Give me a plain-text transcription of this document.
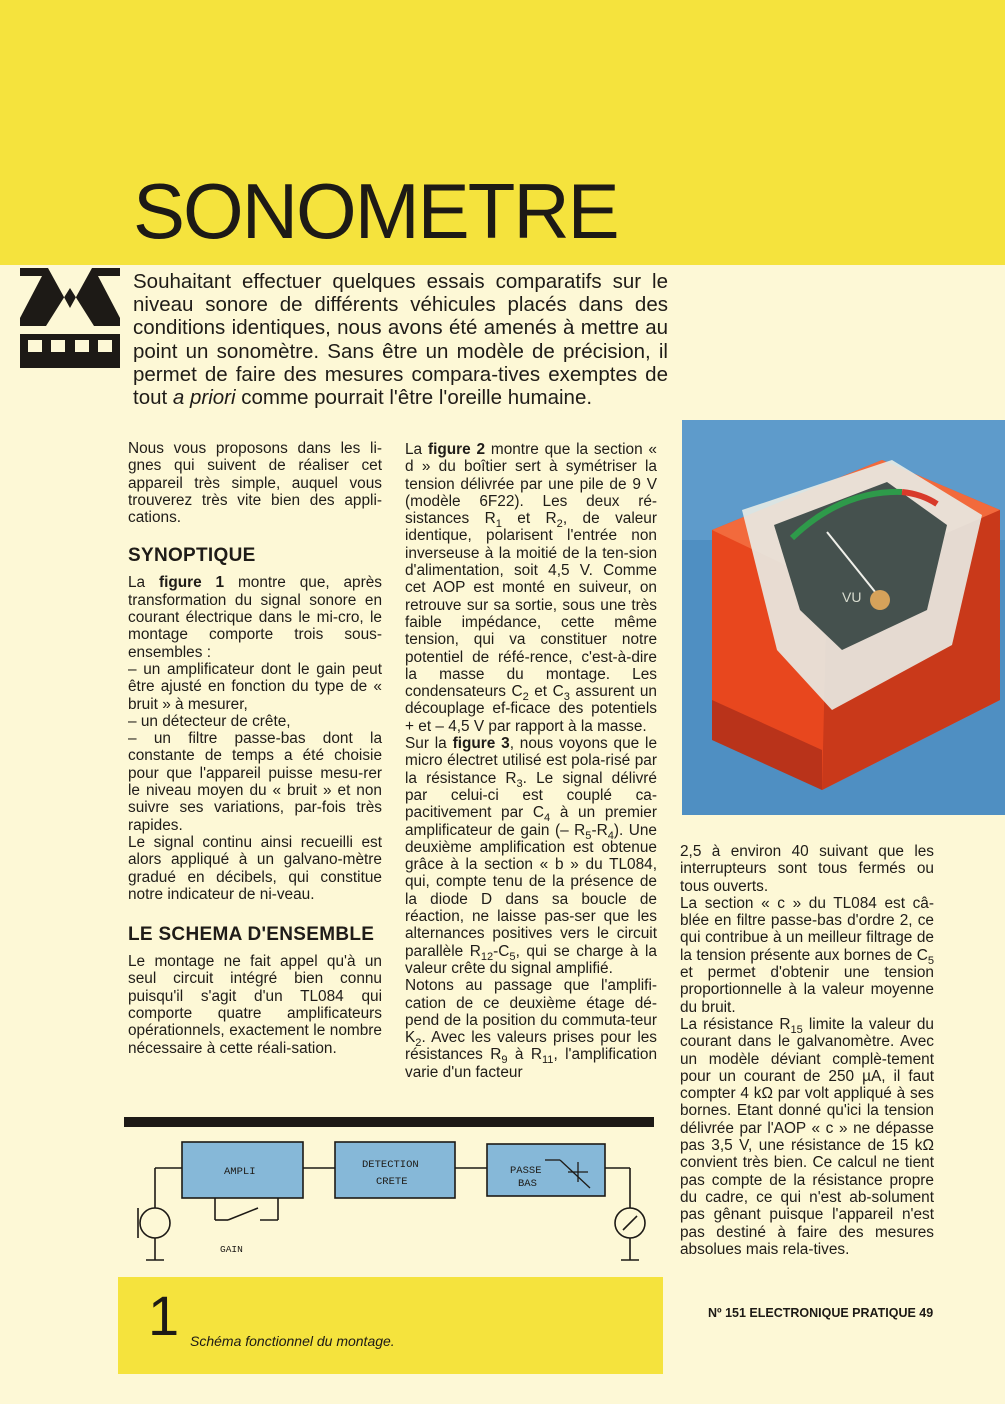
SONOMETRE

Souhaitant effectuer quelques essais comparatifs sur le niveau sonore de différents véhicules placés dans des conditions identiques, nous avons été amenés à mettre au point un sonomètre. Sans être un modèle de précision, il permet de faire des mesures compara-tives exemptes de tout a priori comme pourrait l'être l'oreille humaine.

Nous vous proposons dans les li-gnes qui suivent de réaliser cet appareil très simple, auquel vous trouverez très vite bien des appli-cations.

SYNOPTIQUE

La figure 1 montre que, après transformation du signal sonore en courant électrique dans le mi-cro, le montage comporte trois sous-ensembles :

– un amplificateur dont le gain peut être ajusté en fonction du type de « bruit » à mesurer,

– un détecteur de crête,

– un filtre passe-bas dont la constante de temps a été choisie pour que l'appareil puisse mesu-rer le niveau moyen du « bruit » et non suivre ses variations, par-fois très rapides.

Le signal continu ainsi recueilli est alors appliqué à un galvano-mètre gradué en décibels, qui constitue notre indicateur de ni-veau.

LE SCHEMA D'ENSEMBLE

Le montage ne fait appel qu'à un seul circuit intégré bien connu puisqu'il s'agit d'un TL084 qui comporte quatre amplificateurs opérationnels, exactement le nombre nécessaire à cette réali-sation.

La figure 2 montre que la section « d » du boîtier sert à symétriser la tension délivrée par une pile de 9 V (modèle 6F22). Les deux ré-sistances $R_1$ et $R_2$, de valeur identique, polarisent l'entrée non inverseuse à la moitié de la ten-sion d'alimentation, soit 4,5 V. Comme cet AOP est monté en suiveur, on retrouve sur sa sortie, sous une très faible impédance, cette même tension, qui va constituer notre potentiel de réfé-rence, c'est-à-dire la masse du montage. Les condensateurs $C_2$ et $C_3$ assurent un découplage ef-ficace des potentiels + et – 4,5 V par rapport à la masse.

Sur la figure 3, nous voyons que le micro électret utilisé est pola-risé par la résistance $R_3$. Le signal délivré par celui-ci est couplé ca-pacitivement par $C_4$ à un premier amplificateur de gain (– $R_5-R_4$). Une deuxième amplification est obtenue grâce à la section « b » du TL084, qui, compte tenu de la présence de la diode D dans sa boucle de réaction, ne laisse pas-ser que les alternances positives vers le circuit parallèle $R_{12}-C_5$, qui se charge à la valeur crête du signal amplifié.

Notons au passage que l'amplifi-cation de ce deuxième étage dé-pend de la position du commuta-teur $K_2$. Avec les valeurs prises pour les résistances $R_9$ à $R_{11}$, l'amplification varie d'un facteur

VU

2,5 à environ 40 suivant que les interrupteurs sont tous fermés ou tous ouverts.

La section « c » du TL084 est câ-blée en filtre passe-bas d'ordre 2, ce qui contribue à un meilleur filtrage de la tension présente aux bornes de $C_5$ et permet d'obtenir une tension proportionnelle à la valeur moyenne du bruit.

La résistance $R_{15}$ limite la valeur du courant dans le galvanomètre. Avec un modèle déviant complè-tement pour un courant de 250 µA, il faut compter 4 kΩ par volt appliqué à ses bornes. Etant donné qu'ici la tension délivrée par l'AOP « c » ne dépasse pas 3,5 V, une résistance de 15 kΩ convient très bien. Ce calcul ne tient pas compte de la résistance propre du cadre, ce qui n'est ab-solument pas gênant puisque l'appareil n'est pas destiné à faire des mesures absolues mais rela-tives.

AMPLI
DETECTION
CRETE
PASSE
BAS
GAIN
1 Schéma fonctionnel du montage.
Nº 151 ELECTRONIQUE PRATIQUE 49
